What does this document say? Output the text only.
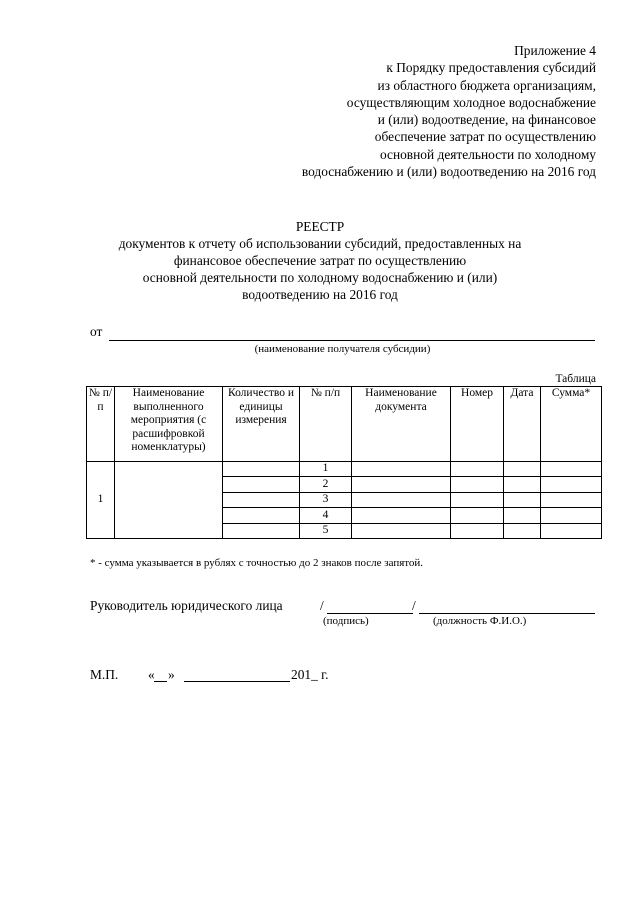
Приложение 4
к Порядку предоставления субсидий
из областного бюджета организациям,
осуществляющим холодное водоснабжение
и (или) водоотведение, на финансовое
обеспечение затрат по осуществлению
основной деятельности по холодному
водоснабжению и (или) водоотведению на 2016 год
РЕЕСТР
документов к отчету об использовании субсидий, предоставленных на
финансовое обеспечение затрат по осуществлению
основной деятельности по холодному водоснабжению и (или)
водоотведению на 2016 год
от
(наименование получателя субсидии)
Таблица
№ п/п	Наименование выполненного мероприятия (с расшифровкой номенклатуры)	Количество и единицы измерения	№ п/п	Наименование документа	Номер	Дата	Сумма*
1			1				
			2				
			3				
			4				
			5				
* - сумма указывается в рублях с точностью до 2 знаков после запятой.
Руководитель юридического лица	/	/
(подпись)	(должность Ф.И.О.)
М.П. « »	201_ г.
